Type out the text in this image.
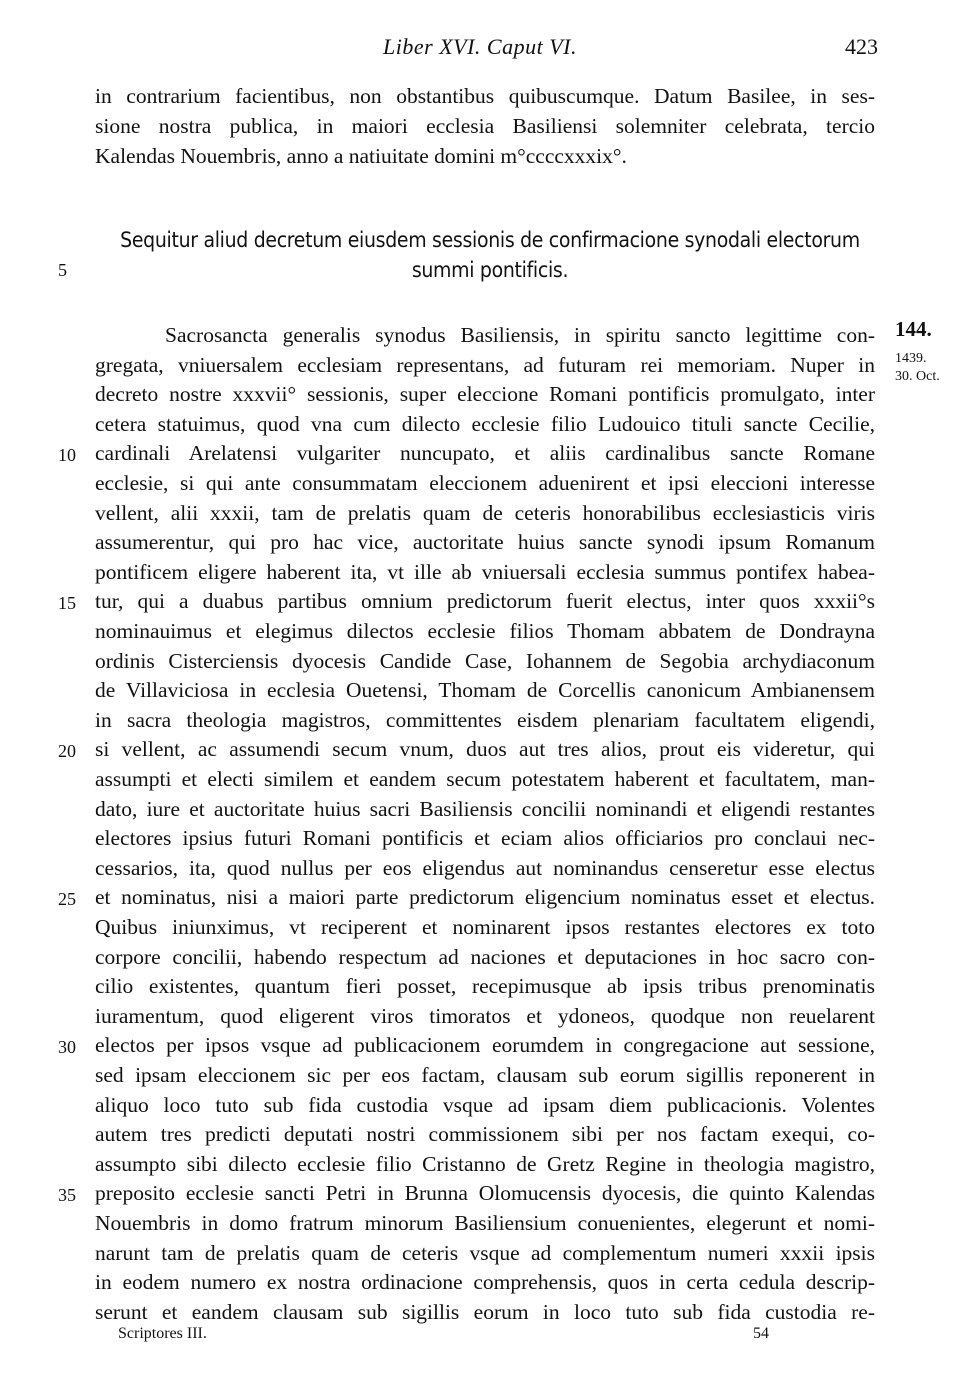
Liber XVI. Caput VI.	423
in contrarium facientibus, non obstantibus quibuscumque. Datum Basilee, in ses-
sione nostra publica, in maiori ecclesia Basiliensi solemniter celebrata, tercio
Kalendas Nouembris, anno a natiuitate domini m°ccccxxxix°.
Sequitur aliud decretum eiusdem sessionis de confirmacione synodali electorum
summi pontificis.
5
144.
1439.
30. Oct.
Sacrosancta generalis synodus Basiliensis, in spiritu sancto legittime con-
gregata, vniuersalem ecclesiam representans, ad futuram rei memoriam. Nuper in
decreto nostre xxxvii° sessionis, super eleccione Romani pontificis promulgato, inter
cetera statuimus, quod vna cum dilecto ecclesie filio Ludouico tituli sancte Cecilie,
cardinali Arelatensi vulgariter nuncupato, et aliis cardinalibus sancte Romane
ecclesie, si qui ante consummatam eleccionem aduenirent et ipsi eleccioni interesse
vellent, alii xxxii, tam de prelatis quam de ceteris honorabilibus ecclesiasticis viris
assumerentur, qui pro hac vice, auctoritate huius sancte synodi ipsum Romanum
pontificem eligere haberent ita, vt ille ab vniuersali ecclesia summus pontifex habea-
tur, qui a duabus partibus omnium predictorum fuerit electus, inter quos xxxii°s
nominauimus et elegimus dilectos ecclesie filios Thomam abbatem de Dondrayna
ordinis Cisterciensis dyocesis Candide Case, Iohannem de Segobia archydiaconum
de Villaviciosa in ecclesia Ouetensi, Thomam de Corcellis canonicum Ambianensem
in sacra theologia magistros, committentes eisdem plenariam facultatem eligendi,
si vellent, ac assumendi secum vnum, duos aut tres alios, prout eis videretur, qui
assumpti et electi similem et eandem secum potestatem haberent et facultatem, man-
dato, iure et auctoritate huius sacri Basiliensis concilii nominandi et eligendi restantes
electores ipsius futuri Romani pontificis et eciam alios officiarios pro conclaui nec-
cessarios, ita, quod nullus per eos eligendus aut nominandus censeretur esse electus
et nominatus, nisi a maiori parte predictorum eligencium nominatus esset et electus.
Quibus iniunximus, vt reciperent et nominarent ipsos restantes electores ex toto
corpore concilii, habendo respectum ad naciones et deputaciones in hoc sacro con-
cilio existentes, quantum fieri posset, recepimusque ab ipsis tribus prenominatis
iuramentum, quod eligerent viros timoratos et ydoneos, quodque non reuelarent
electos per ipsos vsque ad publicacionem eorumdem in congregacione aut sessione,
sed ipsam eleccionem sic per eos factam, clausam sub eorum sigillis reponerent in
aliquo loco tuto sub fida custodia vsque ad ipsam diem publicacionis. Volentes
autem tres predicti deputati nostri commissionem sibi per nos factam exequi, co-
assumpto sibi dilecto ecclesie filio Cristanno de Gretz Regine in theologia magistro,
preposito ecclesie sancti Petri in Brunna Olomucensis dyocesis, die quinto Kalendas
Nouembris in domo fratrum minorum Basiliensium conuenientes, elegerunt et nomi-
narunt tam de prelatis quam de ceteris vsque ad complementum numeri xxxii ipsis
in eodem numero ex nostra ordinacione comprehensis, quos in certa cedula descrip-
serunt et eandem clausam sub sigillis eorum in loco tuto sub fida custodia re-
10
15
20
25
30
35
Scriptores III.	54
